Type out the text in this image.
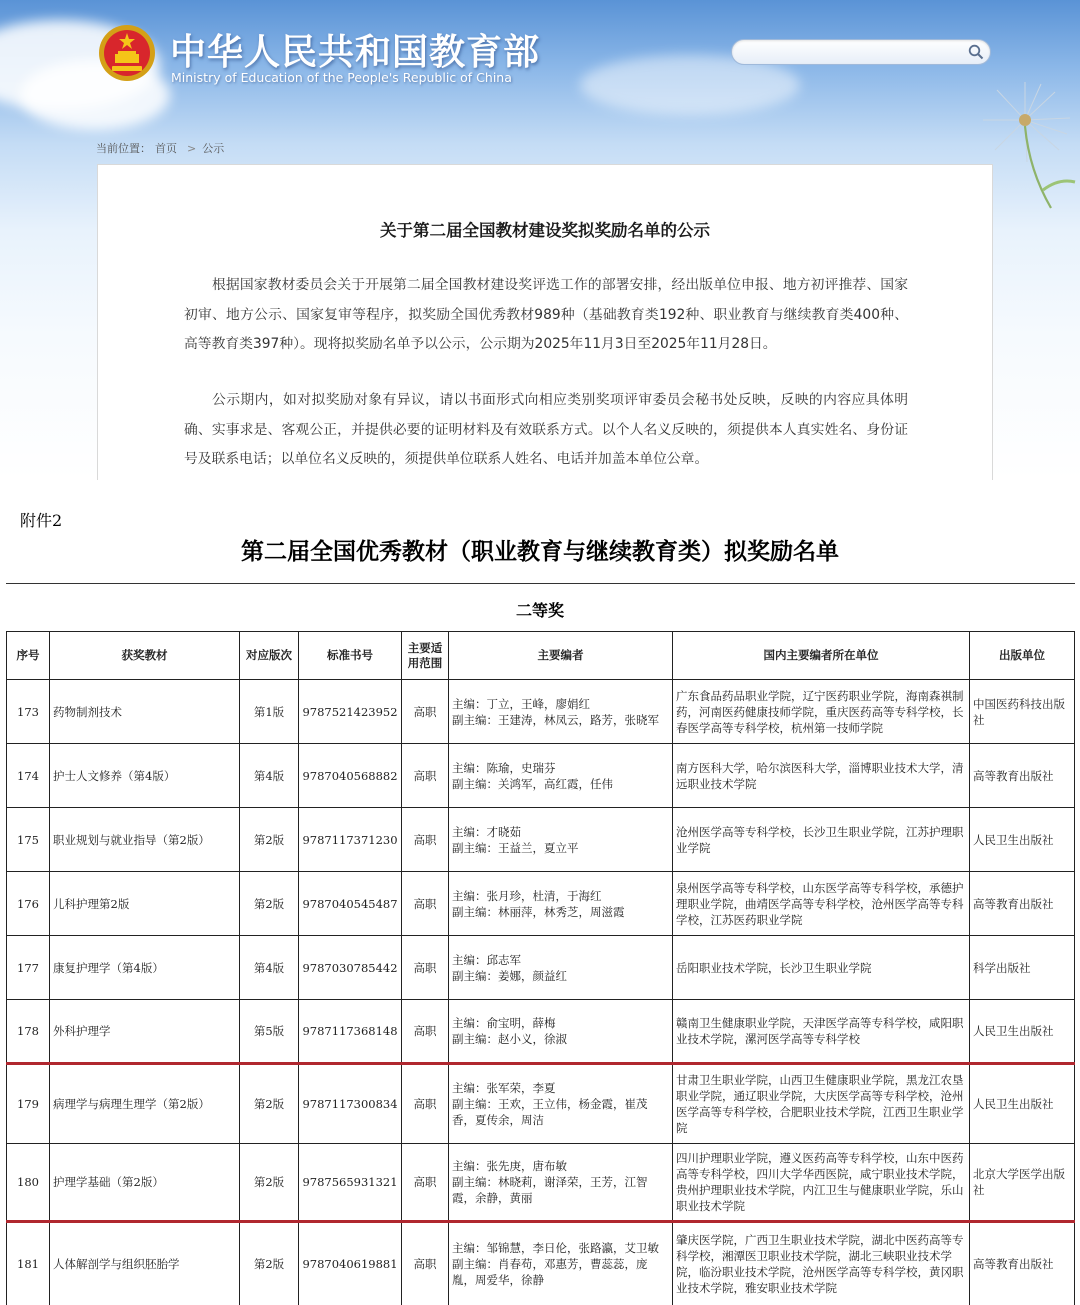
中华人民共和国教育部
Ministry of Education of the People's Republic of China
当前位置： 首页 > 公示
关于第二届全国教材建设奖拟奖励名单的公示

根据国家教材委员会关于开展第二届全国教材建设奖评选工作的部署安排，经出版单位申报、地方初评推荐、国家初审、地方公示、国家复审等程序，拟奖励全国优秀教材989种（基础教育类192种、职业教育与继续教育类400种、高等教育类397种）。现将拟奖励名单予以公示，公示期为2025年11月3日至2025年11月28日。

公示期内，如对拟奖励对象有异议，请以书面形式向相应类别奖项评审委员会秘书处反映，反映的内容应具体明确、实事求是、客观公正，并提供必要的证明材料及有效联系方式。以个人名义反映的，须提供本人真实姓名、身份证号及联系电话；以单位名义反映的，须提供单位联系人姓名、电话并加盖本单位公章。

附件2
第二届全国优秀教材（职业教育与继续教育类）拟奖励名单
二等奖
序号	获奖教材	对应版次	标准书号	主要适用范围	主要编者	国内主要编者所在单位	出版单位
173	药物制剂技术	第1版	9787521423952	高职	主编：丁立，王峰，廖娟红
副主编：王建涛，林凤云，路芳，张晓军	广东食品药品职业学院，辽宁医药职业学院，海南森祺制药，河南医药健康技师学院，重庆医药高等专科学校，长春医学高等专科学校，杭州第一技师学院	中国医药科技出版社
174	护士人文修养（第4版）	第4版	9787040568882	高职	主编：陈瑜，史瑞芬
副主编：关鸿军，高红霞，任伟	南方医科大学，哈尔滨医科大学，淄博职业技术大学，清远职业技术学院	高等教育出版社
175	职业规划与就业指导（第2版）	第2版	9787117371230	高职	主编：才晓茹
副主编：王益兰，夏立平	沧州医学高等专科学校，长沙卫生职业学院，江苏护理职业学院	人民卫生出版社
176	儿科护理第2版	第2版	9787040545487	高职	主编：张月珍，杜清，于海红
副主编：林丽萍，林秀芝，周滋霞	泉州医学高等专科学校，山东医学高等专科学校，承德护理职业学院，曲靖医学高等专科学校，沧州医学高等专科学校，江苏医药职业学院	高等教育出版社
177	康复护理学（第4版）	第4版	9787030785442	高职	主编：邱志军
副主编：姜娜，颜益红	岳阳职业技术学院，长沙卫生职业学院	科学出版社
178	外科护理学	第5版	9787117368148	高职	主编：俞宝明，薛梅
副主编：赵小义，徐淑	赣南卫生健康职业学院，天津医学高等专科学校，咸阳职业技术学院，漯河医学高等专科学校	人民卫生出版社
179	病理学与病理生理学（第2版）	第2版	9787117300834	高职	主编：张军荣，李夏
副主编：王欢，王立伟，杨金霞，崔茂香，夏传余，周洁	甘肃卫生职业学院，山西卫生健康职业学院，黑龙江农垦职业学院，通辽职业学院，大庆医学高等专科学校，沧州医学高等专科学校，合肥职业技术学院，江西卫生职业学院	人民卫生出版社
180	护理学基础（第2版）	第2版	9787565931321	高职	主编：张先庚，唐布敏
副主编：林晓莉，谢泽荣，王芳，江智霞，余静，黄丽	四川护理职业学院，遵义医药高等专科学校，山东中医药高等专科学校，四川大学华西医院，咸宁职业技术学院，贵州护理职业技术学院，内江卫生与健康职业学院，乐山职业技术学院	北京大学医学出版社
181	人体解剖学与组织胚胎学	第2版	9787040619881	高职	主编：邹锦慧，李日伦，张路瀛，艾卫敏
副主编：肖春苟，邓惠芳，曹蕊蕊，庞胤，周爱华，徐静	肇庆医学院，广西卫生职业技术学院，湖北中医药高等专科学校，湘潭医卫职业技术学院，湖北三峡职业技术学院，临汾职业技术学院，沧州医学高等专科学校，黄冈职业技术学院，雅安职业技术学院	高等教育出版社
